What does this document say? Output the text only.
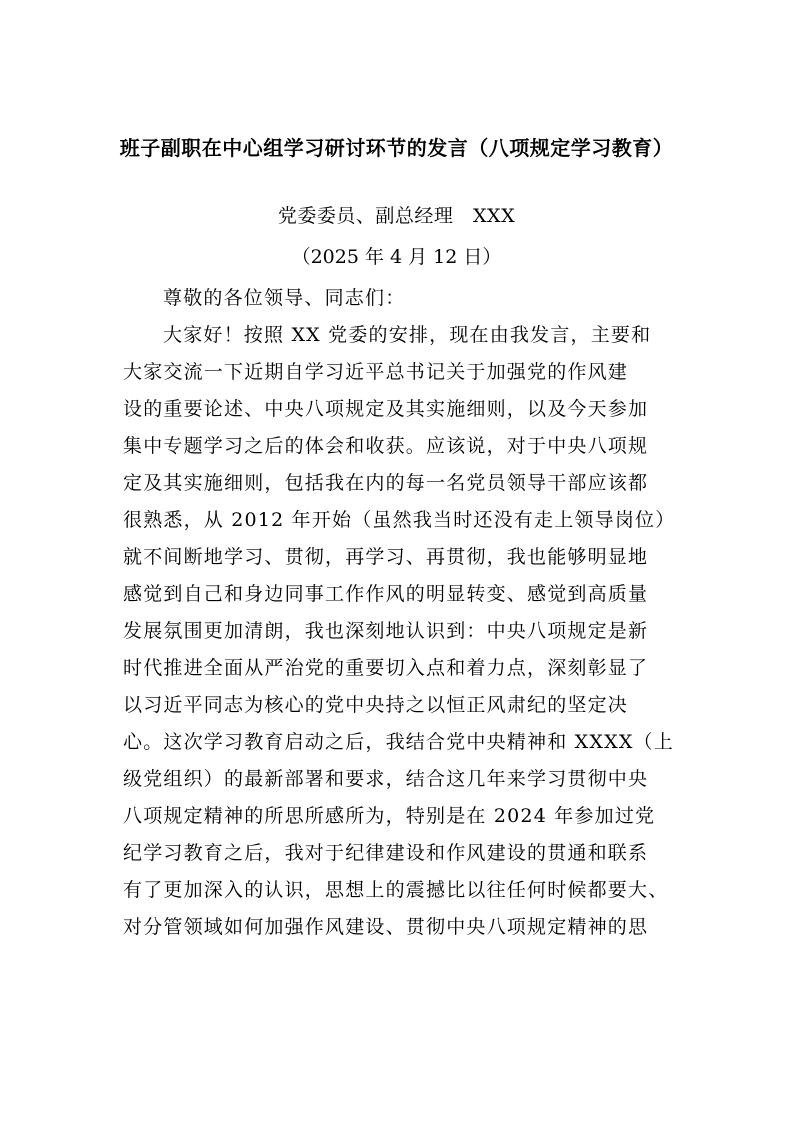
班子副职在中心组学习研讨环节的发言（八项规定学习教育）
党委委员、副总经理   XXX
（2025 年 4 月 12 日）
尊敬的各位领导、同志们：
大家好！按照 XX 党委的安排，现在由我发言，主要和
大家交流一下近期自学习近平总书记关于加强党的作风建
设的重要论述、中央八项规定及其实施细则，以及今天参加
集中专题学习之后的体会和收获。应该说，对于中央八项规
定及其实施细则，包括我在内的每一名党员领导干部应该都
很熟悉，从 2012 年开始（虽然我当时还没有走上领导岗位）
就不间断地学习、贯彻，再学习、再贯彻，我也能够明显地
感觉到自己和身边同事工作作风的明显转变、感觉到高质量
发展氛围更加清朗，我也深刻地认识到：中央八项规定是新
时代推进全面从严治党的重要切入点和着力点，深刻彰显了
以习近平同志为核心的党中央持之以恒正风肃纪的坚定决
心。这次学习教育启动之后，我结合党中央精神和 XXXX（上
级党组织）的最新部署和要求，结合这几年来学习贯彻中央
八项规定精神的所思所感所为，特别是在 2024 年参加过党
纪学习教育之后，我对于纪律建设和作风建设的贯通和联系
有了更加深入的认识，思想上的震撼比以往任何时候都要大、
对分管领域如何加强作风建设、贯彻中央八项规定精神的思
